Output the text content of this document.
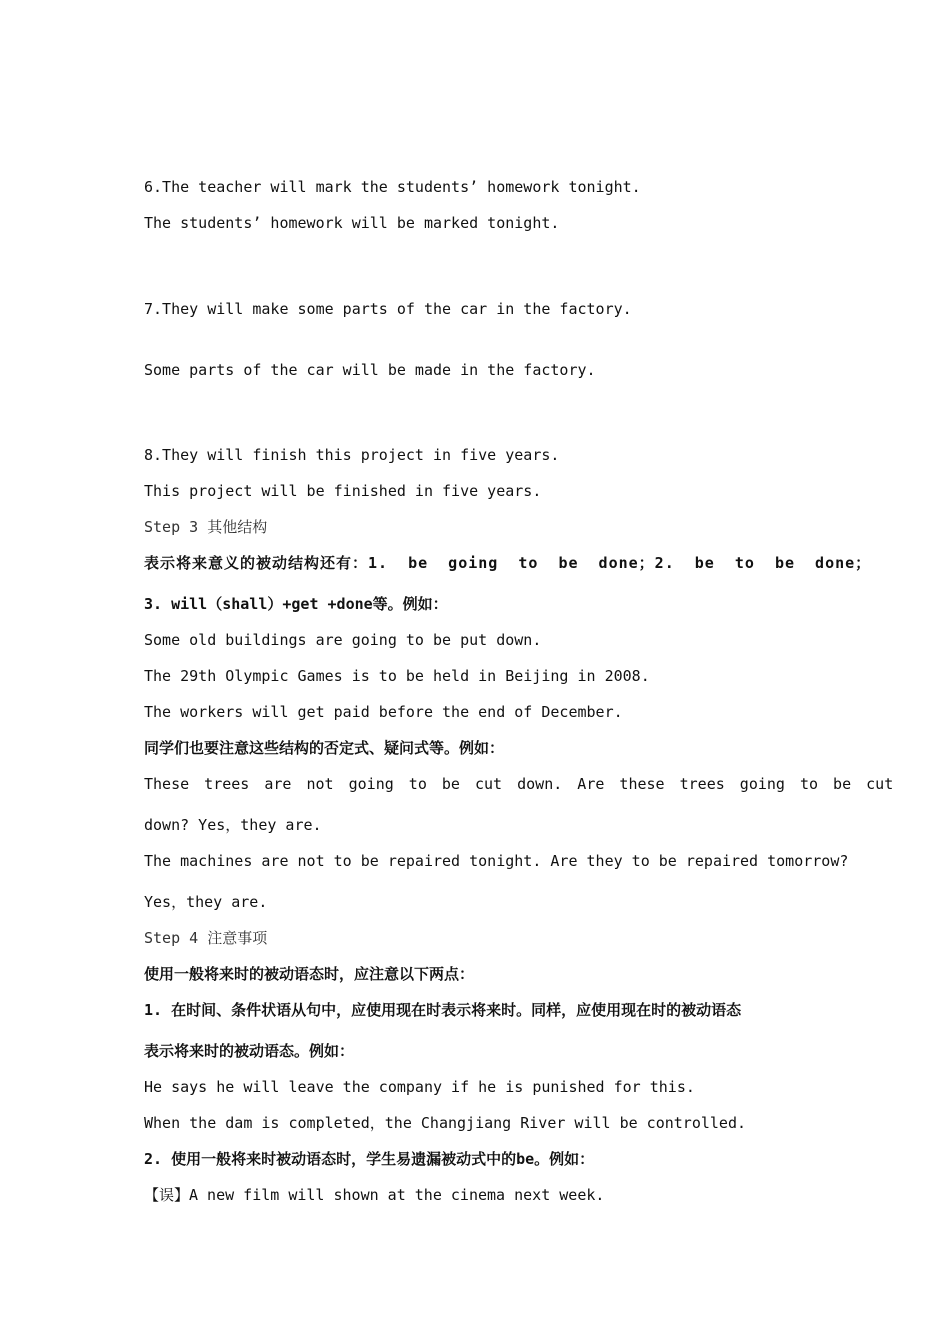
6.The teacher will mark the students’ homework tonight.
The students’ homework will be marked tonight.
7.They will make some parts of the car in the factory.
Some parts of the car will be made in the factory.
8.They will finish this project in five years.
This project will be finished in five years.
Step 3 其他结构
表示将来意义的被动结构还有：1. be going to be done；2. be to be done；
3. will（shall）+get +done等。例如：
Some old buildings are going to be put down.
The 29th Olympic Games is to be held in Beijing in 2008.
The workers will get paid before the end of December.
同学们也要注意这些结构的否定式、疑问式等。例如：
These trees are not going to be cut down. Are these trees going to be cut
down? Yes，they are.
The machines are not to be repaired tonight. Are they to be repaired tomorrow?
Yes，they are.
Step 4 注意事项
使用一般将来时的被动语态时，应注意以下两点：
1. 在时间、条件状语从句中，应使用现在时表示将来时。同样，应使用现在时的被动语态
表示将来时的被动语态。例如：
He says he will leave the company if he is punished for this.
When the dam is completed，the Changjiang River will be controlled.
2. 使用一般将来时被动语态时，学生易遗漏被动式中的be。例如：
【误】A new film will shown at the cinema next week.
